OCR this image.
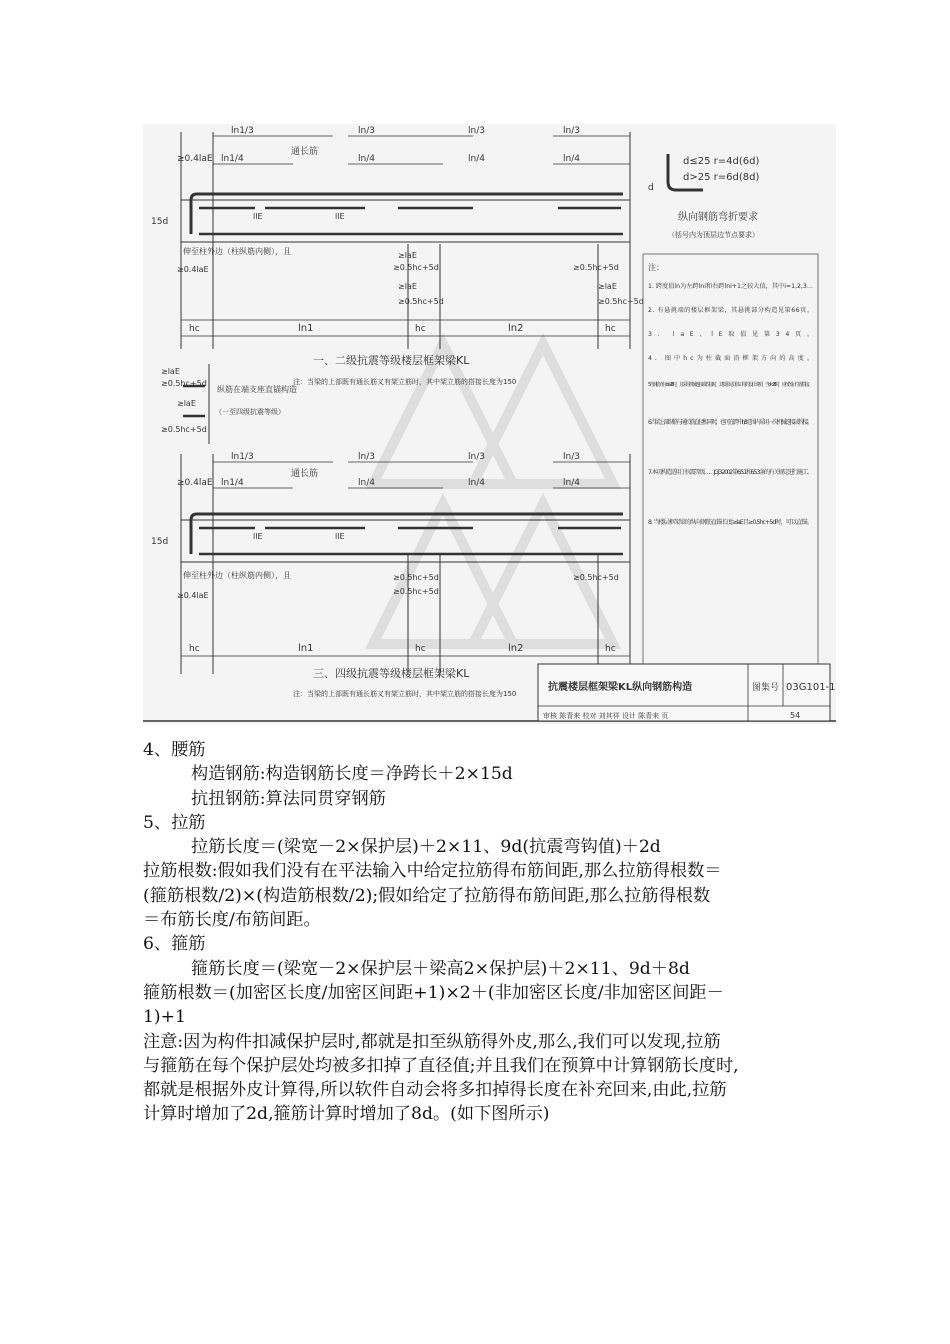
ln1/3	ln/3	ln/3	ln/3
≥0.4laE ln1/4
通长筋
ln/4	ln/4	ln/4
15d
llE	llE
伸至柱外边（柱纵筋内侧），且
≥0.4laE
≥laE
≥0.5hc+5d	≥0.5hc+5d
≥laE
≥0.5hc+5d
≥laE
≥0.5hc+5d
hc	ln1	hc	ln2	hc
一、二级抗震等级楼层框架梁KL
注：当梁的上部既有通长筋又有架立筋时，其中架立筋的搭接长度为150
≥laE
≥0.5hc+5d
纵筋在端支座直锚构造
（一至四级抗震等级）
≥laE
≥0.5hc+5d
ln1/3	ln/3	ln/3	ln/3
≥0.4laE ln1/4
通长筋
ln/4	ln/4	ln/4
15d
llE	llE
伸至柱外边（柱纵筋内侧），且
≥0.4laE
≥0.5hc+5d
≥0.5hc+5d
≥0.5hc+5d
hc	ln1	hc	ln2	hc
三、四级抗震等级楼层框架梁KL
注：当梁的上部既有通长筋又有架立筋时，其中架立筋的搭接长度为150
d
d≤25 r=4d(6d)
d>25 r=6d(8d)
纵向钢筋弯折要求
（括号内为顶层边节点要求）
注：
1. 跨度值ln为左跨lni和右跨lni+1之较大值，其中i=1,2,3…
2. 有悬挑端的楼层框架梁，其悬挑部分构造见第66页。
3. laE、lE取值见第34页。
4. 图中hc为柱截面沿框架方向的高度。
5. 当钢筋直径d≥28时，且采用机械连接或焊接时，其要求见具体工程的设计说明。当d<28时，应按图示位置搭接。
6. 当梁上部纵筋与通长筋直径相同时，也可在跨中ln/3范围内采用一次机械连接或焊接。
7. 本页构造适用于抗震等级……JGJ 3-2002 第6.5.1和6.5.3条的有关规定进行施工。
8. 当楼层框架梁的纵向钢筋直锚长度≥laE且≥0.5hc+5d时，可以直锚。
抗震楼层框架梁KL纵向钢筋构造	图集号 03G101-1
审核 陈青来 校对 刘其祥 设计 陈青来 页	54

4、腰筋

构造钢筋:构造钢筋长度＝净跨长＋2×15d

抗扭钢筋:算法同贯穿钢筋

5、拉筋

拉筋长度＝(梁宽－2×保护层)＋2×11、9d(抗震弯钩值)＋2d

拉筋根数:假如我们没有在平法输入中给定拉筋得布筋间距,那么拉筋得根数＝

(箍筋根数/2)×(构造筋根数/2);假如给定了拉筋得布筋间距,那么拉筋得根数

＝布筋长度/布筋间距。

6、箍筋

箍筋长度＝(梁宽－2×保护层＋梁高2×保护层)＋2×11、9d＋8d

箍筋根数＝(加密区长度/加密区间距+1)×2＋(非加密区长度/非加密区间距－

1)+1

注意:因为构件扣减保护层时,都就是扣至纵筋得外皮,那么,我们可以发现,拉筋

与箍筋在每个保护层处均被多扣掉了直径值;并且我们在预算中计算钢筋长度时,

都就是根据外皮计算得,所以软件自动会将多扣掉得长度在补充回来,由此,拉筋

计算时增加了2d,箍筋计算时增加了8d。(如下图所示)
